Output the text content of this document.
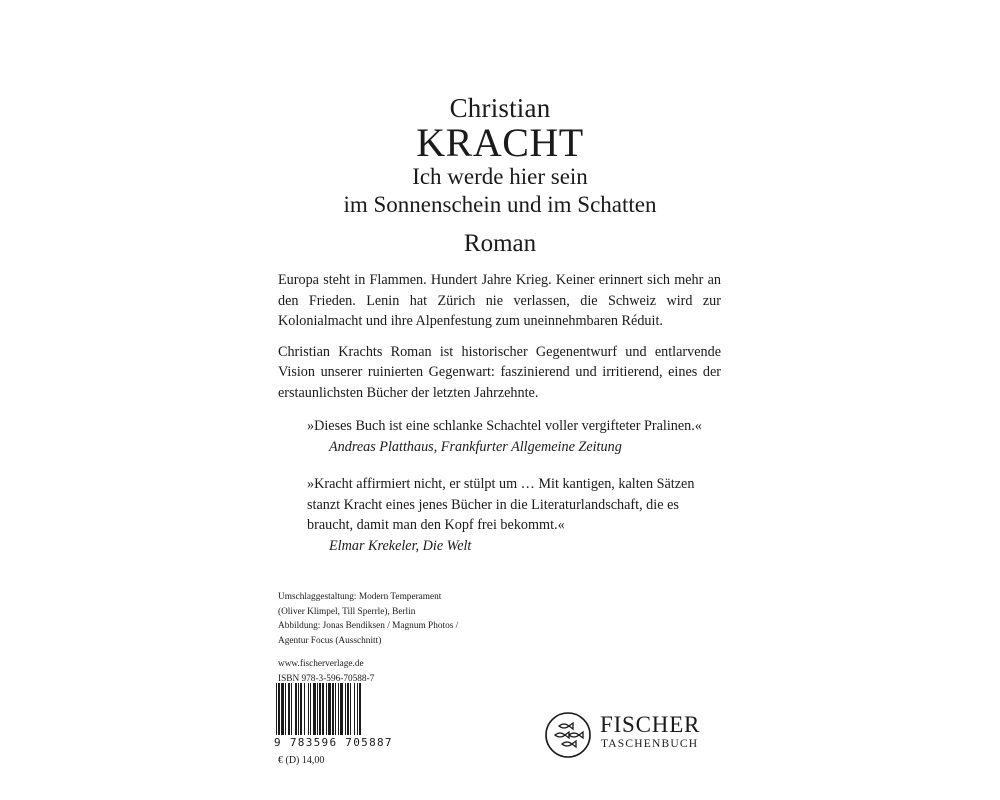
Christian
KRACHT
Ich werde hier sein
im Sonnenschein und im Schatten
Roman

Europa steht in Flammen. Hundert Jahre Krieg. Keiner erinnert sich mehr an den Frieden. Lenin hat Zürich nie verlassen, die Schweiz wird zur Kolonialmacht und ihre Alpenfestung zum uneinnehmbaren Réduit.

Christian Krachts Roman ist historischer Gegenentwurf und entlarvende Vision unserer ruinierten Gegenwart: faszinierend und irritierend, eines der erstaunlichsten Bücher der letzten Jahrzehnte.

»Dieses Buch ist eine schlanke Schachtel voller vergifteter Pralinen.«
Andreas Platthaus, Frankfurter Allgemeine Zeitung
»Kracht affirmiert nicht, er stülpt um … Mit kantigen, kalten Sätzen stanzt Kracht eines jenes Bücher in die Literaturlandschaft, die es braucht, damit man den Kopf frei bekommt.«
Elmar Krekeler, Die Welt
Umschlaggestaltung: Modern Temperament
(Oliver Klimpel, Till Sperrle), Berlin
Abbildung: Jonas Bendiksen / Magnum Photos /
Agentur Focus (Ausschnitt)
www.fischerverlage.de
ISBN 978-3-596-70588-7
9 783596 705887
€ (D) 14,00
FISCHER
TASCHENBUCH
